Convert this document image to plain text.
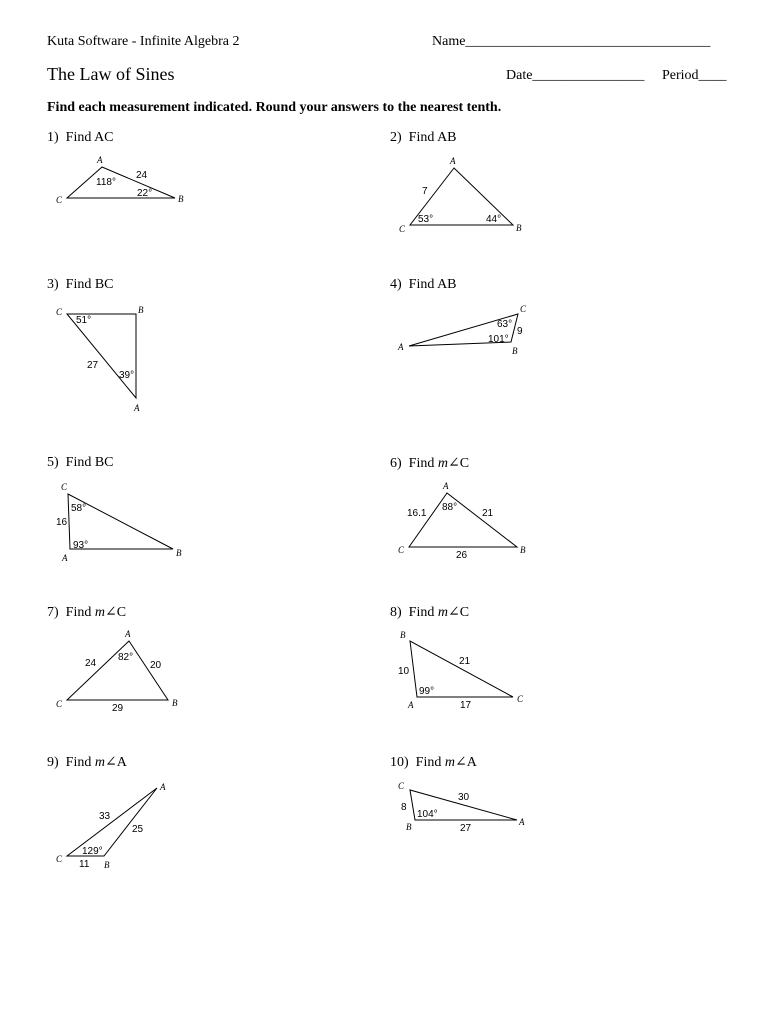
Kuta Software - Infinite Algebra 2	Name___________________________________
The Law of Sines	Date________________ Period____
Find each measurement indicated. Round your answers to the nearest tenth.
1) Find AC
A
C	B
118°
24
22°
2) Find AB
A
C	B
7
53°	44°
3) Find BC
C	B
A
51°
27
39°
4) Find AB
A
C
B
63°
9
101°
5) Find BC
C
A	B
58°
16
93°
6) Find m∠C
A
C	B
16.1
88°
21
26
7) Find m∠C
A
C	B
24
82°
20
29
8) Find m∠C
B
A
C
10
21
99°
17
9) Find m∠A
A
C
B
33
25
129°
11
10) Find m∠A
C
B	A
8
30
104°
27
